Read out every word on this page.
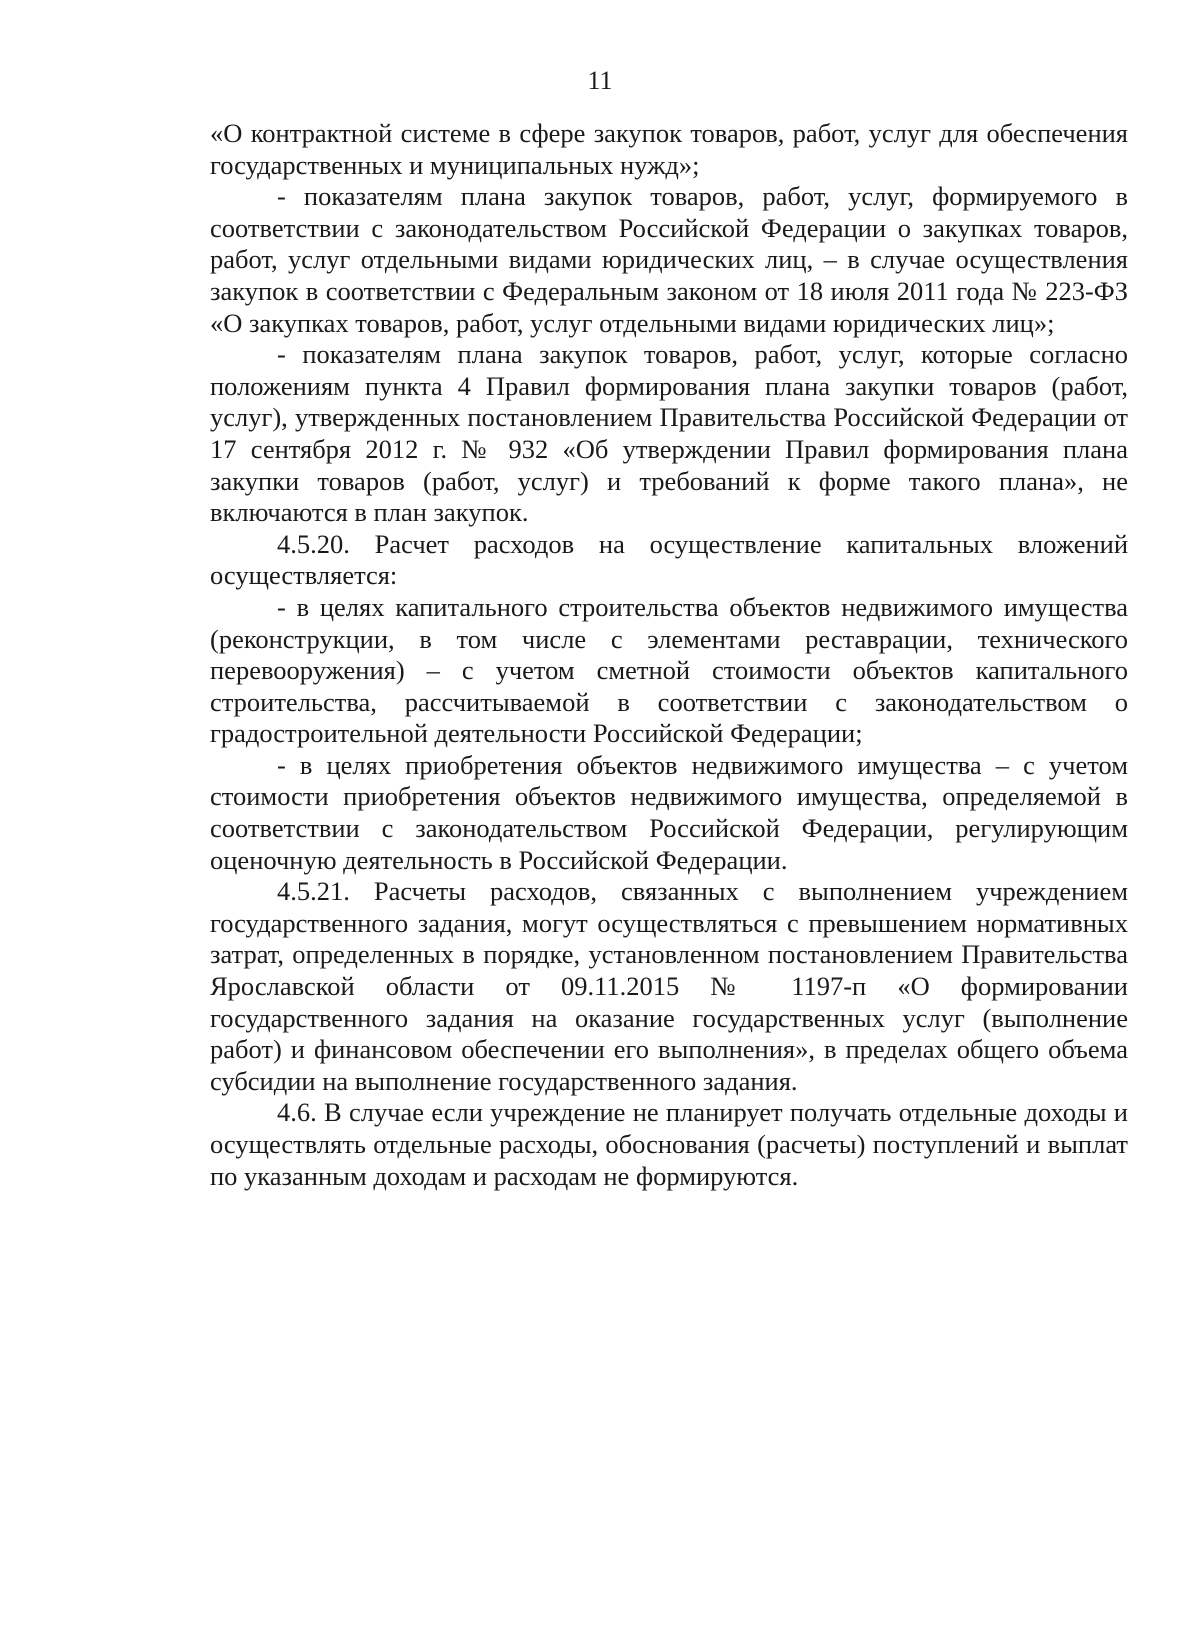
11

«О контрактной системе в сфере закупок товаров, работ, услуг для обеспечения государственных и муниципальных нужд»;

- показателям плана закупок товаров, работ, услуг, формируемого в соответствии с законодательством Российской Федерации о закупках товаров, работ, услуг отдельными видами юридических лиц, – в случае осуществления закупок в соответствии с Федеральным законом от 18 июля 2011 года № 223-ФЗ «О закупках товаров, работ, услуг отдельными видами юридических лиц»;

- показателям плана закупок товаров, работ, услуг, которые согласно положениям пункта 4 Правил формирования плана закупки товаров (работ, услуг), утвержденных постановлением Правительства Российской Федерации от 17 сентября 2012 г. № 932 «Об утверждении Правил формирования плана закупки товаров (работ, услуг) и требований к форме такого плана», не включаются в план закупок.

4.5.20. Расчет расходов на осуществление капитальных вложений осуществляется:

- в целях капитального строительства объектов недвижимого имущества (реконструкции, в том числе с элементами реставрации, технического перевооружения) – с учетом сметной стоимости объектов капитального строительства, рассчитываемой в соответствии с законодательством о градостроительной деятельности Российской Федерации;

- в целях приобретения объектов недвижимого имущества – с учетом стоимости приобретения объектов недвижимого имущества, определяемой в соответствии с законодательством Российской Федерации, регулирующим оценочную деятельность в Российской Федерации.

4.5.21. Расчеты расходов, связанных с выполнением учреждением государственного задания, могут осуществляться с превышением нормативных затрат, определенных в порядке, установленном постановлением Правительства Ярославской области от 09.11.2015 № 1197-п «О формировании государственного задания на оказание государственных услуг (выполнение работ) и финансовом обеспечении его выполнения», в пределах общего объема субсидии на выполнение государственного задания.

4.6. В случае если учреждение не планирует получать отдельные доходы и осуществлять отдельные расходы, обоснования (расчеты) поступлений и выплат по указанным доходам и расходам не формируются.
